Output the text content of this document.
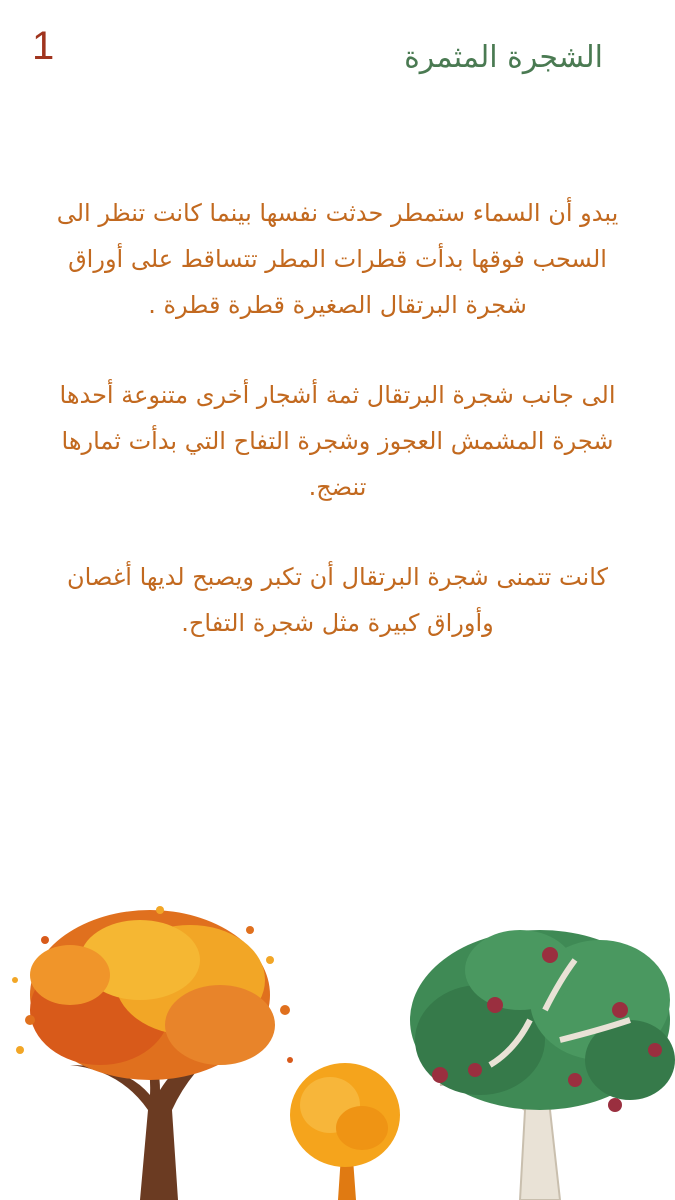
1	الشجرة المثمرة

يبدو أن السماء ستمطر حدثت نفسها بينما كانت تنظر الى السحب فوقها بدأت قطرات المطر تتساقط على أوراق شجرة البرتقال الصغيرة قطرة قطرة .

الى جانب شجرة البرتقال ثمة أشجار أخرى متنوعة أحدها شجرة المشمش العجوز وشجرة التفاح التي بدأت ثمارها تنضج.

كانت تتمنى شجرة البرتقال أن تكبر ويصبح لديها أغصان وأوراق كبيرة مثل شجرة التفاح.
